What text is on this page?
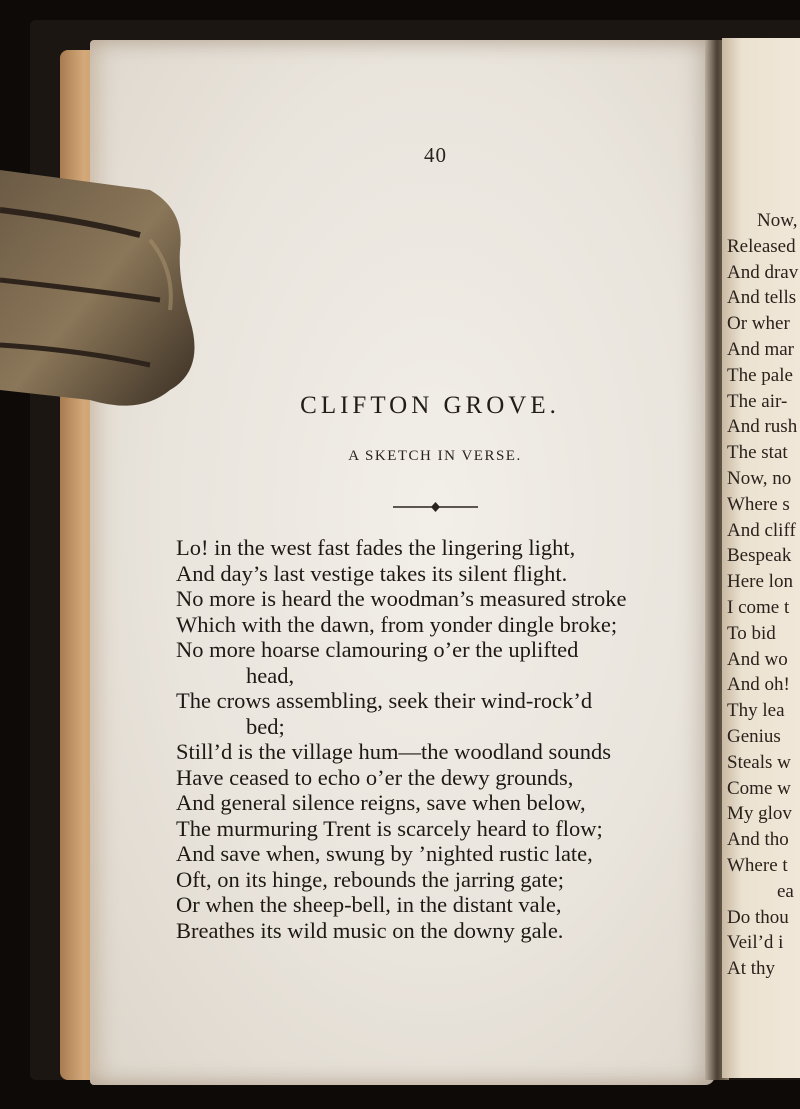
Now,
Released
And drav
And tells
Or wher
And mar
The pale
The air-
And rush
The stat
Now, no
Where s
And cliff
Bespeak
Here lon
I come t
To bid
And wo
And oh!
Thy lea
Genius
Steals w
Come w
My glov
And tho
Where t
ea
Do thou
Veil’d i
At thy
40
CLIFTON GROVE.
A SKETCH IN VERSE.
Lo! in the west fast fades the lingering light,
And day’s last vestige takes its silent flight.
No more is heard the woodman’s measured stroke
Which with the dawn, from yonder dingle broke;
No more hoarse clamouring o’er the uplifted
head,
The crows assembling, seek their wind-rock’d
bed;
Still’d is the village hum—the woodland sounds
Have ceased to echo o’er the dewy grounds,
And general silence reigns, save when below,
The murmuring Trent is scarcely heard to flow;
And save when, swung by ’nighted rustic late,
Oft, on its hinge, rebounds the jarring gate;
Or when the sheep-bell, in the distant vale,
Breathes its wild music on the downy gale.
